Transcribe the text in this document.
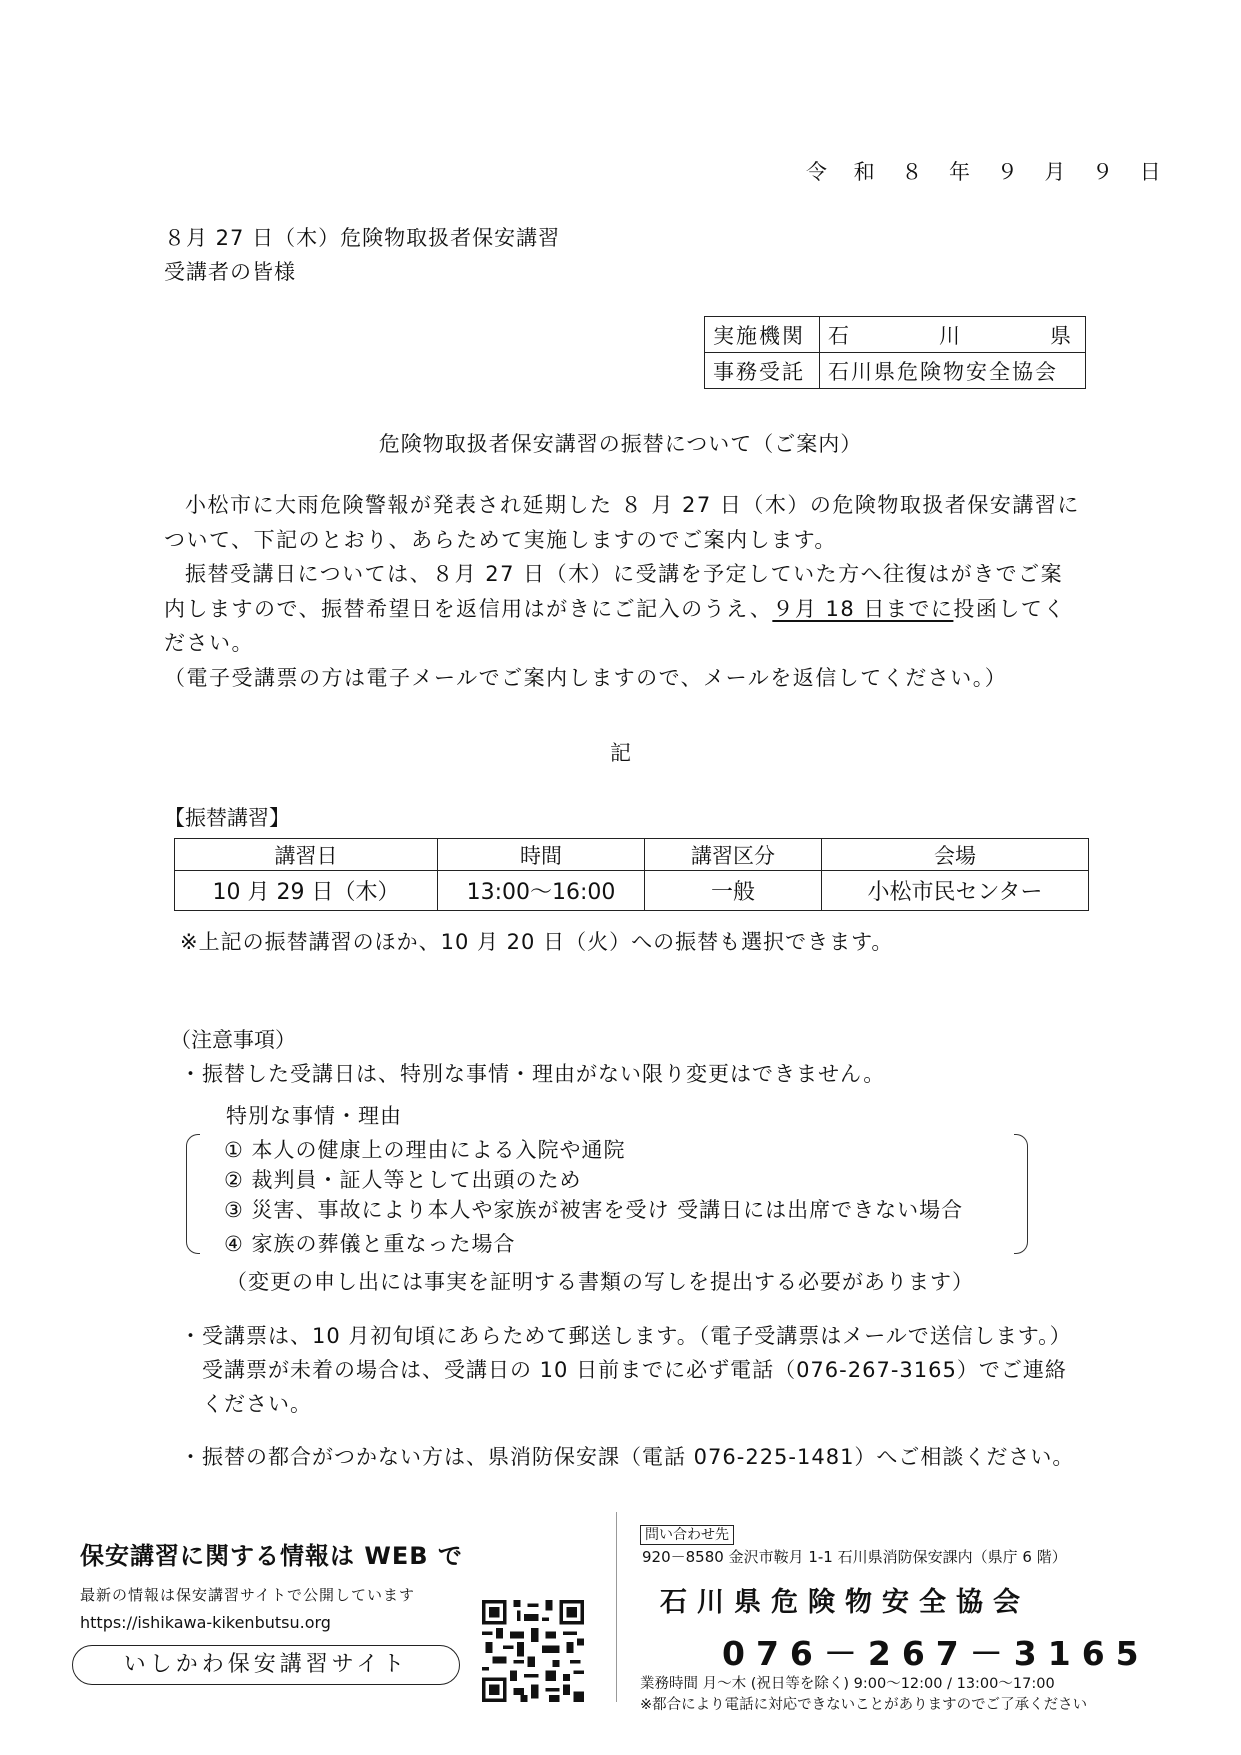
令 和 ８ 年 ９ 月 ９ 日
８月 27 日（木）危険物取扱者保安講習
受講者の皆様
実施機関	石 川 県

事務受託	石川県危険物安全協会
危険物取扱者保安講習の振替について（ご案内）

小松市に大雨危険警報が発表され延期した ８ 月 27 日（木）の危険物取扱者保安講習について、下記のとおり、あらためて実施しますのでご案内します。

振替受講日については、８月 27 日（木）に受講を予定していた方へ往復はがきでご案内しますので、振替希望日を返信用はがきにご記入のうえ、９月 18 日までに投函してください。

（電子受講票の方は電子メールでご案内しますので、メールを返信してください。）

記
【振替講習】
講習日	時間	講習区分	会場
10 月 29 日（木）	13:00～16:00	一般	小松市民センター
※上記の振替講習のほか、10 月 20 日（火）への振替も選択できます。
（注意事項）
・振替した受講日は、特別な事情・理由がない限り変更はできません。
特別な事情・理由
① 本人の健康上の理由による入院や通院
② 裁判員・証人等として出頭のため
③ 災害、事故により本人や家族が被害を受け 受講日には出席できない場合
④ 家族の葬儀と重なった場合
（変更の申し出には事実を証明する書類の写しを提出する必要があります）
・受講票は、10 月初旬頃にあらためて郵送します。（電子受講票はメールで送信します。）
受講票が未着の場合は、受講日の 10 日前までに必ず電話（076-267-3165）でご連絡
ください。
・振替の都合がつかない方は、県消防保安課（電話 076-225-1481）へご相談ください。
保安講習に関する情報は WEB で
最新の情報は保安講習サイトで公開しています
https://ishikawa-kikenbutsu.org
いしかわ保安講習サイト
問い合わせ先
920－8580 金沢市鞍月 1-1 石川県消防保安課内（県庁 6 階）
石川県危険物安全協会
076－267－3165
業務時間 月～木 (祝日等を除く) 9:00～12:00 / 13:00～17:00
※都合により電話に対応できないことがありますのでご了承ください
